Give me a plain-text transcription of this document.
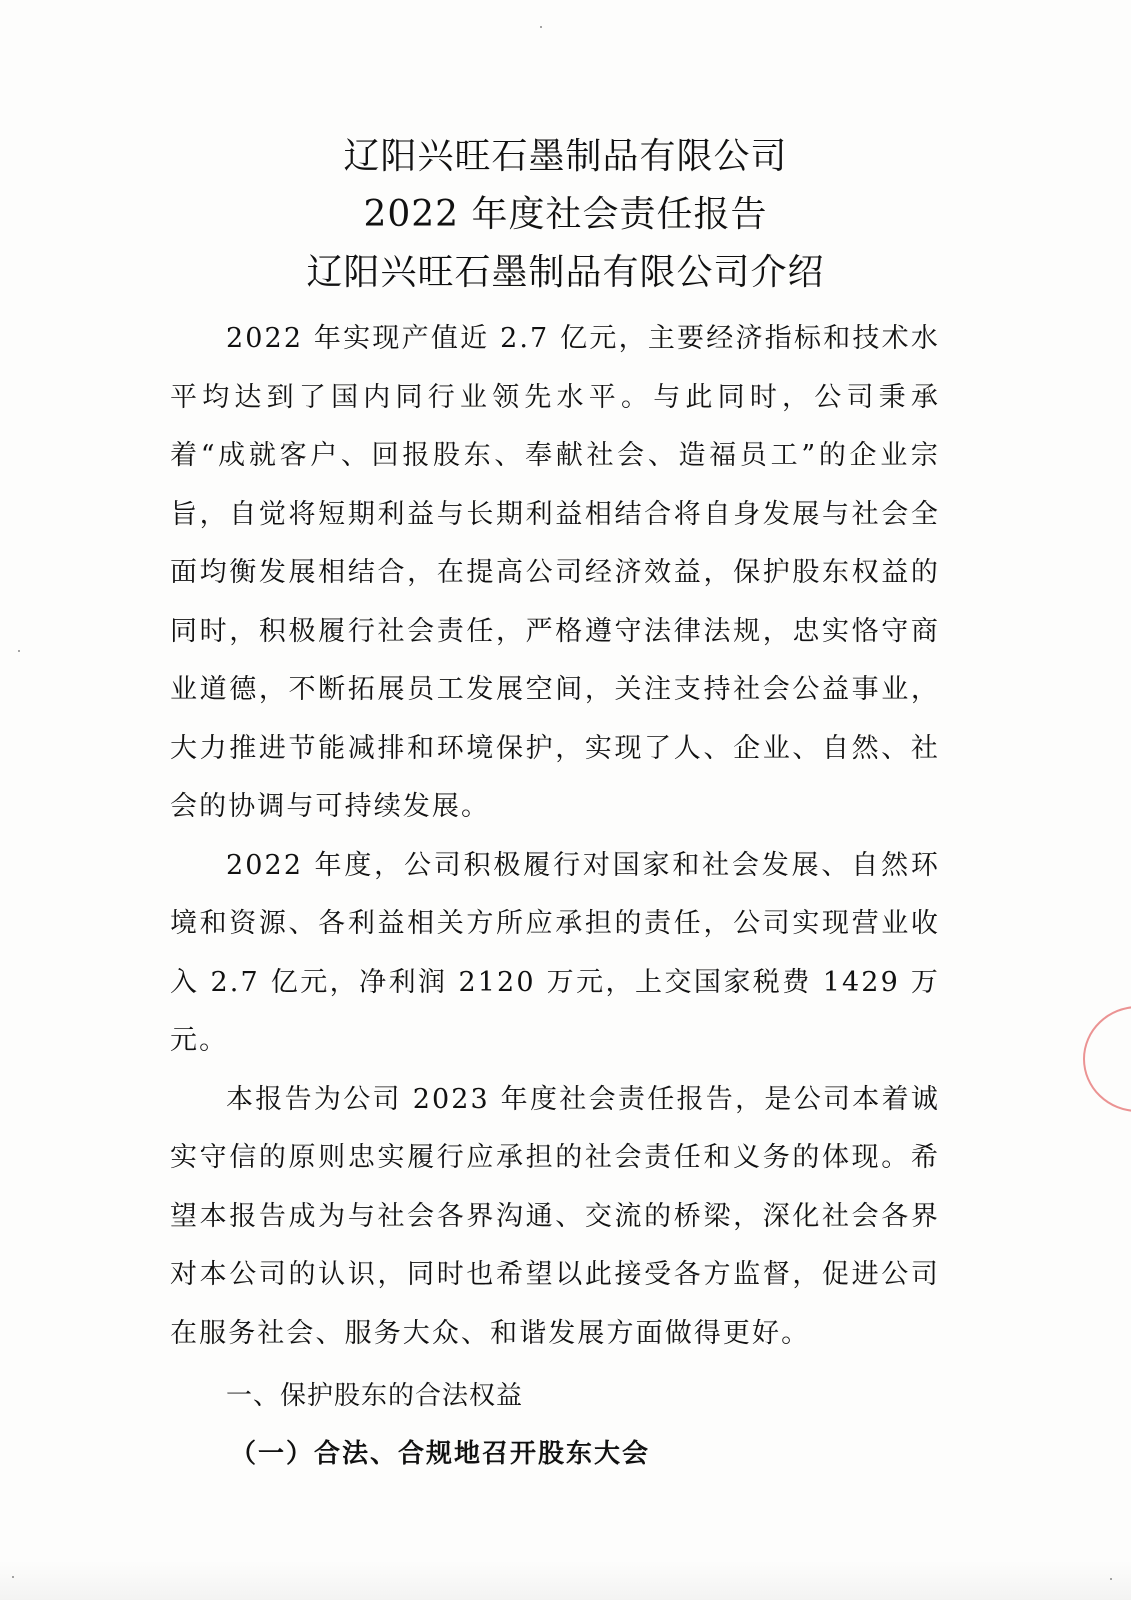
辽阳兴旺石墨制品有限公司
2022 年度社会责任报告
辽阳兴旺石墨制品有限公司介绍

2022 年实现产值近 2.7 亿元，主要经济指标和技术水平均达到了国内同行业领先水平。与此同时，公司秉承着“成就客户、回报股东、奉献社会、造福员工”的企业宗旨，自觉将短期利益与长期利益相结合将自身发展与社会全面均衡发展相结合，在提高公司经济效益，保护股东权益的同时，积极履行社会责任，严格遵守法律法规，忠实恪守商业道德，不断拓展员工发展空间，关注支持社会公益事业，大力推进节能减排和环境保护，实现了人、企业、自然、社会的协调与可持续发展。

2022 年度，公司积极履行对国家和社会发展、自然环境和资源、各利益相关方所应承担的责任，公司实现营业收入 2.7 亿元，净利润 2120 万元，上交国家税费 1429 万元。

本报告为公司 2023 年度社会责任报告，是公司本着诚实守信的原则忠实履行应承担的社会责任和义务的体现。希望本报告成为与社会各界沟通、交流的桥梁，深化社会各界对本公司的认识，同时也希望以此接受各方监督，促进公司在服务社会、服务大众、和谐发展方面做得更好。

一、保护股东的合法权益
（一）合法、合规地召开股东大会
